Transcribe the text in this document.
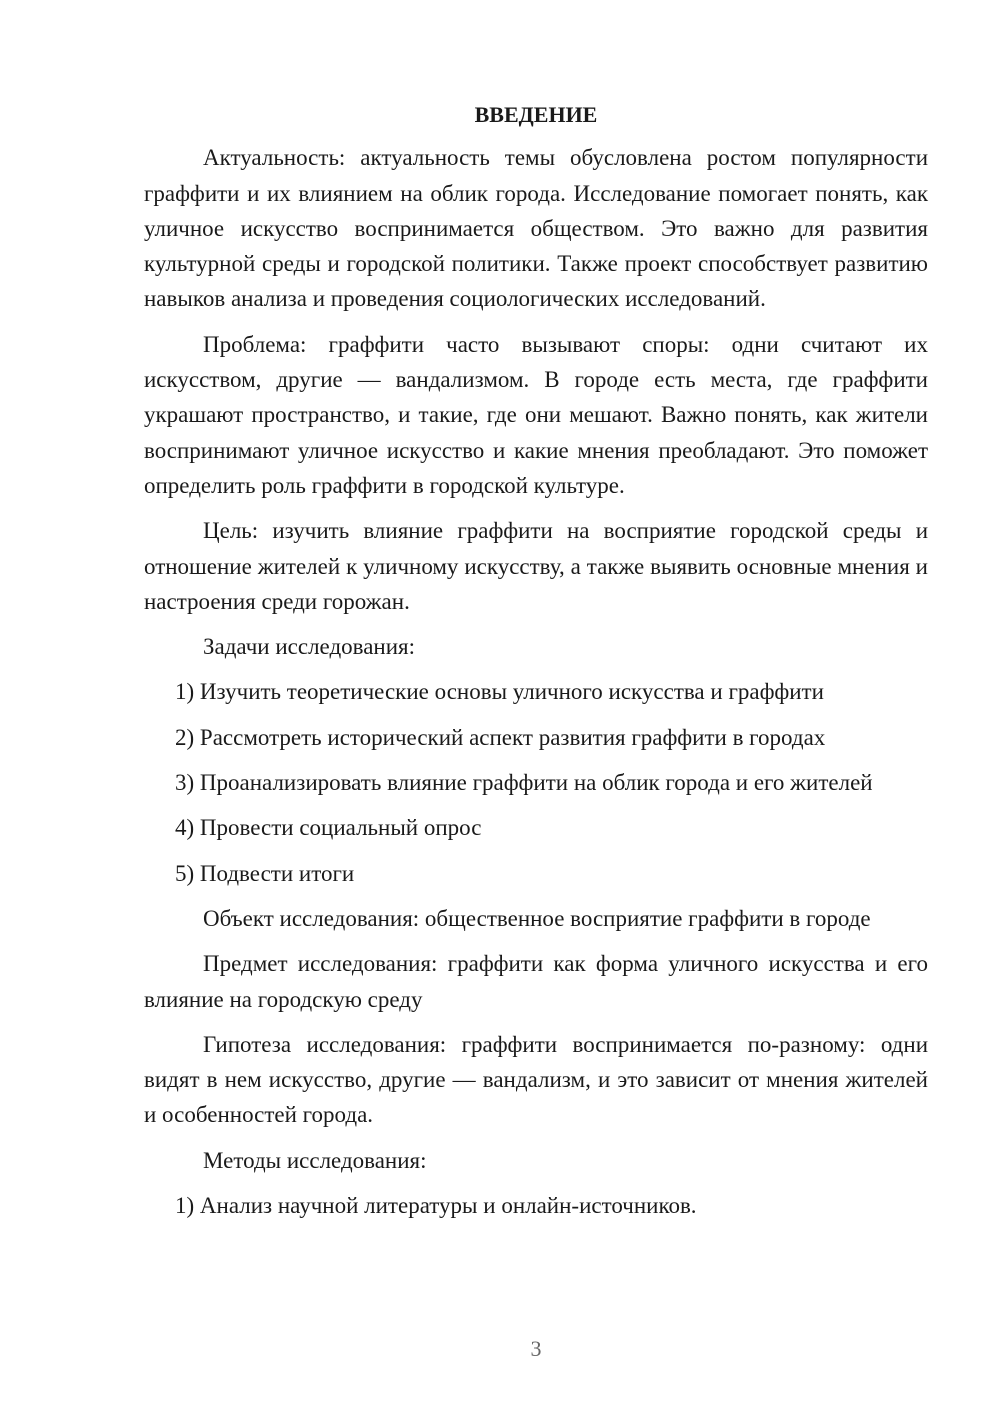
ВВЕДЕНИЕ
Актуальность: актуальность темы обусловлена ростом популярности граффити и их влиянием на облик города. Исследование помогает понять, как уличное искусство воспринимается обществом. Это важно для развития культурной среды и городской политики. Также проект способствует развитию навыков анализа и проведения социологических исследований.
Проблема: граффити часто вызывают споры: одни считают их искусством, другие — вандализмом. В городе есть места, где граффити украшают пространство, и такие, где они мешают. Важно понять, как жители воспринимают уличное искусство и какие мнения преобладают. Это поможет определить роль граффити в городской культуре.
Цель: изучить влияние граффити на восприятие городской среды и отношение жителей к уличному искусству, а также выявить основные мнения и настроения среди горожан.
Задачи исследования:
1) Изучить теоретические основы уличного искусства и граффити
2) Рассмотреть исторический аспект развития граффити в городах
3) Проанализировать влияние граффити на облик города и его жителей
4) Провести социальный опрос
5) Подвести итоги
Объект исследования: общественное восприятие граффити в городе
Предмет исследования: граффити как форма уличного искусства и его влияние на городскую среду
Гипотеза исследования: граффити воспринимается по-разному: одни видят в нем искусство, другие — вандализм, и это зависит от мнения жителей и особенностей города.
Методы исследования:
1) Анализ научной литературы и онлайн-источников.
3
